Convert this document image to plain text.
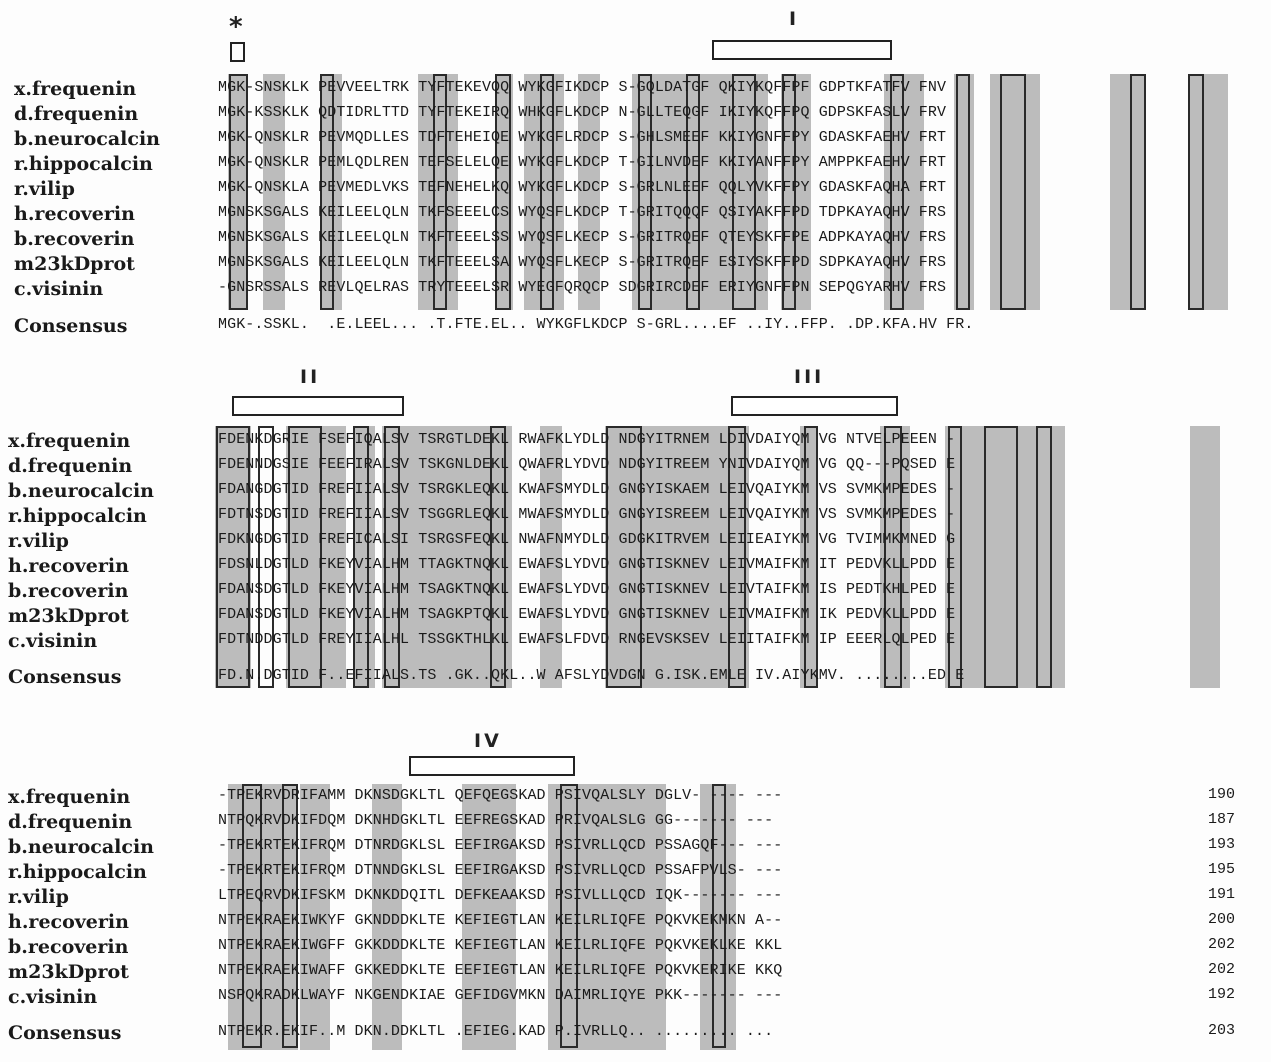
*	I
II	III
IV
x.frequenin	MGK-SNSKLK PEVVEELTRK TYFTEKEVQQ WYKGFIKDCP S-GQLDATGF QKIYKQFFPF GDPTKFATFV FNV
d.frequenin	MGK-KSSKLK QDTIDRLTTD TYFTEKEIRQ WHKGFLKDCP N-GLLTEQGF IKIYKQFFPQ GDPSKFASLV FRV
b.neurocalcin	MGK-QNSKLR PEVMQDLLES TDFTEHEIQE WYKGFLRDCP S-GHLSMEEF KKIYGNFFPY GDASKFAEHV FRT
r.hippocalcin	MGK-QNSKLR PEMLQDLREN TEFSELELQE WYKGFLKDCP T-GILNVDEF KKIYANFFPY AMPPKFAEHV FRT
r.vilip	MGK-QNSKLA PEVMEDLVKS TEFNEHELKQ WYKGFLKDCP S-GRLNLEEF QQLYVKFFPY GDASKFAQHA FRT
h.recoverin	MGNSKSGALS KEILEELQLN TKFSEEELCS WYQSFLKDCP T-GRITQQQF QSIYAKFFPD TDPKAYAQHV FRS
b.recoverin	MGNSKSGALS KEILEELQLN TKFTEEELSS WYQSFLKECP S-GRITRQEF QTEYSKFFPE ADPKAYAQHV FRS
m23kDprot	MGNSKSGALS KEILEELQLN TKFTEEELSA WYQSFLKECP S-GRITRQEF ESIYSKFFPD SDPKAYAQHV FRS
c.visinin	-GNSRSSALS REVLQELRAS TRYTEEELSR WYEGFQRQCP SDGRIRCDEF ERIYGNFFPN SEPQGYARHV FRS
Consensus	MGK-.SSKL.  .E.LEEL... .T.FTE.EL.. WYKGFLKDCP S-GRL....EF ..IY..FFP. .DP.KFA.HV FR.
x.frequenin	FDENKDGRIE FSEFIQALSV TSRGTLDEKL RWAFKLYDLD NDGYITRNEM LDIVDAIYQM VG NTVELPEEEN -
d.frequenin	FDENNDGSIE FEEFIRALSV TSKGNLDEKL QWAFRLYDVD NDGYITREEM YNIVDAIYQM VG QQ---PQSED E
b.neurocalcin	FDANGDGTID FREFIIALSV TSRGKLEQKL KWAFSMYDLD GNGYISKAEM LEIVQAIYKM VS SVMKMPEDES -
r.hippocalcin	FDTNSDGTID FREFIIALSV TSGGRLEQKL MWAFSMYDLD GNGYISREEM LEIVQAIYKM VS SVMKMPEDES -
r.vilip	FDKNGDGTID FREFICALSI TSRGSFEQKL NWAFNMYDLD GDGKITRVEM LEIIEAIYKM VG TVIMMKMNED G
h.recoverin	FDSNLDGTLD FKEYVIALHM TTAGKTNQKL EWAFSLYDVD GNGTISKNEV LEIVMAIFKM IT PEDVKLLPDD E
b.recoverin	FDANSDGTLD FKEYVIALHM TSAGKTNQKL EWAFSLYDVD GNGTISKNEV LEIVTAIFKM IS PEDTKHLPED E
m23kDprot	FDANSDGTLD FKEYVIALHM TSAGKPTQKL EWAFSLYDVD GNGTISKNEV LEIVMAIFKM IK PEDVKLLPDD E
c.visinin	FDTNDDGTLD FREYIIALHL TSSGKTHLKL EWAFSLFDVD RNGEVSKSEV LEIITAIFKM IP EEERLQLPED E
Consensus	FD.N.DGTID F..EFIIALS.TS .GK..QKL..W AFSLYDVDGN G.ISK.EMLE IV.AIYKMV. ........ED E
x.frequenin	-TPEKRVDRIFAMM DKNSDGKLTL QEFQEGSKAD PSIVQALSLY DGLV- ---- ---	190
d.frequenin	NTPQKRVDKIFDQM DKNHDGKLTL EEFREGSKAD PRIVQALSLG GG------- ---	187
b.neurocalcin	-TPEKRTEKIFRQM DTNRDGKLSL EEFIRGAKSD PSIVRLLQCD PSSAGQF--- ---	193
r.hippocalcin	-TPEKRTEKIFRQM DTNNDGKLSL EEFIRGAKSD PSIVRLLQCD PSSAFPVLS- ---	195
r.vilip	LTPEQRVDKIFSKM DKNKDDQITL DEFKEAAKSD PSIVLLLQCD IQK------- ---	191
h.recoverin	NTPEKRAEKIWKYF GKNDDDKLTE KEFIEGTLAN KEILRLIQFE PQKVKEKMKN A--	200
b.recoverin	NTPEKRAEKIWGFF GKKDDDKLTE KEFIEGTLAN KEILRLIQFE PQKVKEKLKE KKL	202
m23kDprot	NTPEKRAEKIWAFF GKKEDDKLTE EEFIEGTLAN KEILRLIQFE PQKVKERIKE KKQ	202
c.visinin	NSPQKRADKLWAYF NKGENDKIAE GEFIDGVMKN DAIMRLIQYE PKK------- ---	192
Consensus	NTPEKR.EKIF..M DKN.DDKLTL .EFIEG.KAD P.IVRLLQ.. ......... ...	203
